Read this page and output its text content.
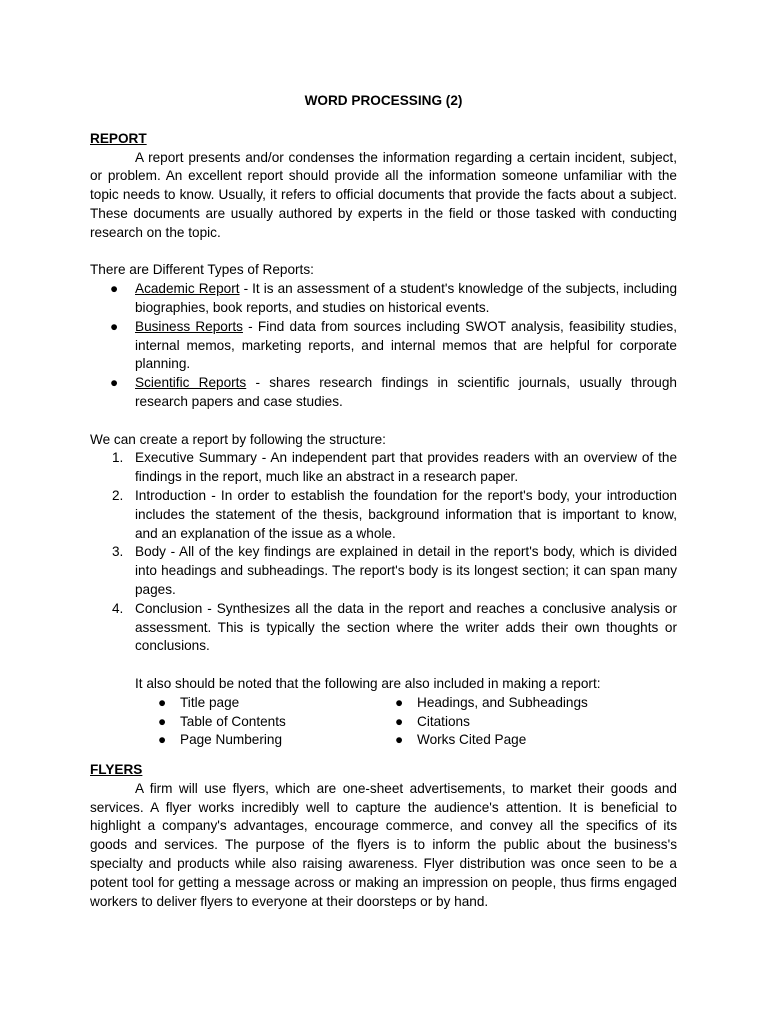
WORD PROCESSING (2)

REPORT

A report presents and/or condenses the information regarding a certain incident, subject, or problem. An excellent report should provide all the information someone unfamiliar with the topic needs to know. Usually, it refers to official documents that provide the facts about a subject. These documents are usually authored by experts in the field or those tasked with conducting research on the topic.

There are Different Types of Reports:

● Academic Report - It is an assessment of a student's knowledge of the subjects, including biographies, book reports, and studies on historical events.
● Business Reports - Find data from sources including SWOT analysis, feasibility studies, internal memos, marketing reports, and internal memos that are helpful for corporate planning.
● Scientific Reports - shares research findings in scientific journals, usually through research papers and case studies.

We can create a report by following the structure:

1. Executive Summary - An independent part that provides readers with an overview of the findings in the report, much like an abstract in a research paper.
2. Introduction - In order to establish the foundation for the report's body, your introduction includes the statement of the thesis, background information that is important to know, and an explanation of the issue as a whole.
3. Body - All of the key findings are explained in detail in the report's body, which is divided into headings and subheadings. The report's body is its longest section; it can span many pages.
4. Conclusion - Synthesizes all the data in the report and reaches a conclusive analysis or assessment. This is typically the section where the writer adds their own thoughts or conclusions.

It also should be noted that the following are also included in making a report:

● Title page
● Table of Contents
● Page Numbering
● Headings, and Subheadings
● Citations
● Works Cited Page

FLYERS

A firm will use flyers, which are one-sheet advertisements, to market their goods and services. A flyer works incredibly well to capture the audience's attention. It is beneficial to highlight a company's advantages, encourage commerce, and convey all the specifics of its goods and services. The purpose of the flyers is to inform the public about the business's specialty and products while also raising awareness. Flyer distribution was once seen to be a potent tool for getting a message across or making an impression on people, thus firms engaged workers to deliver flyers to everyone at their doorsteps or by hand.
